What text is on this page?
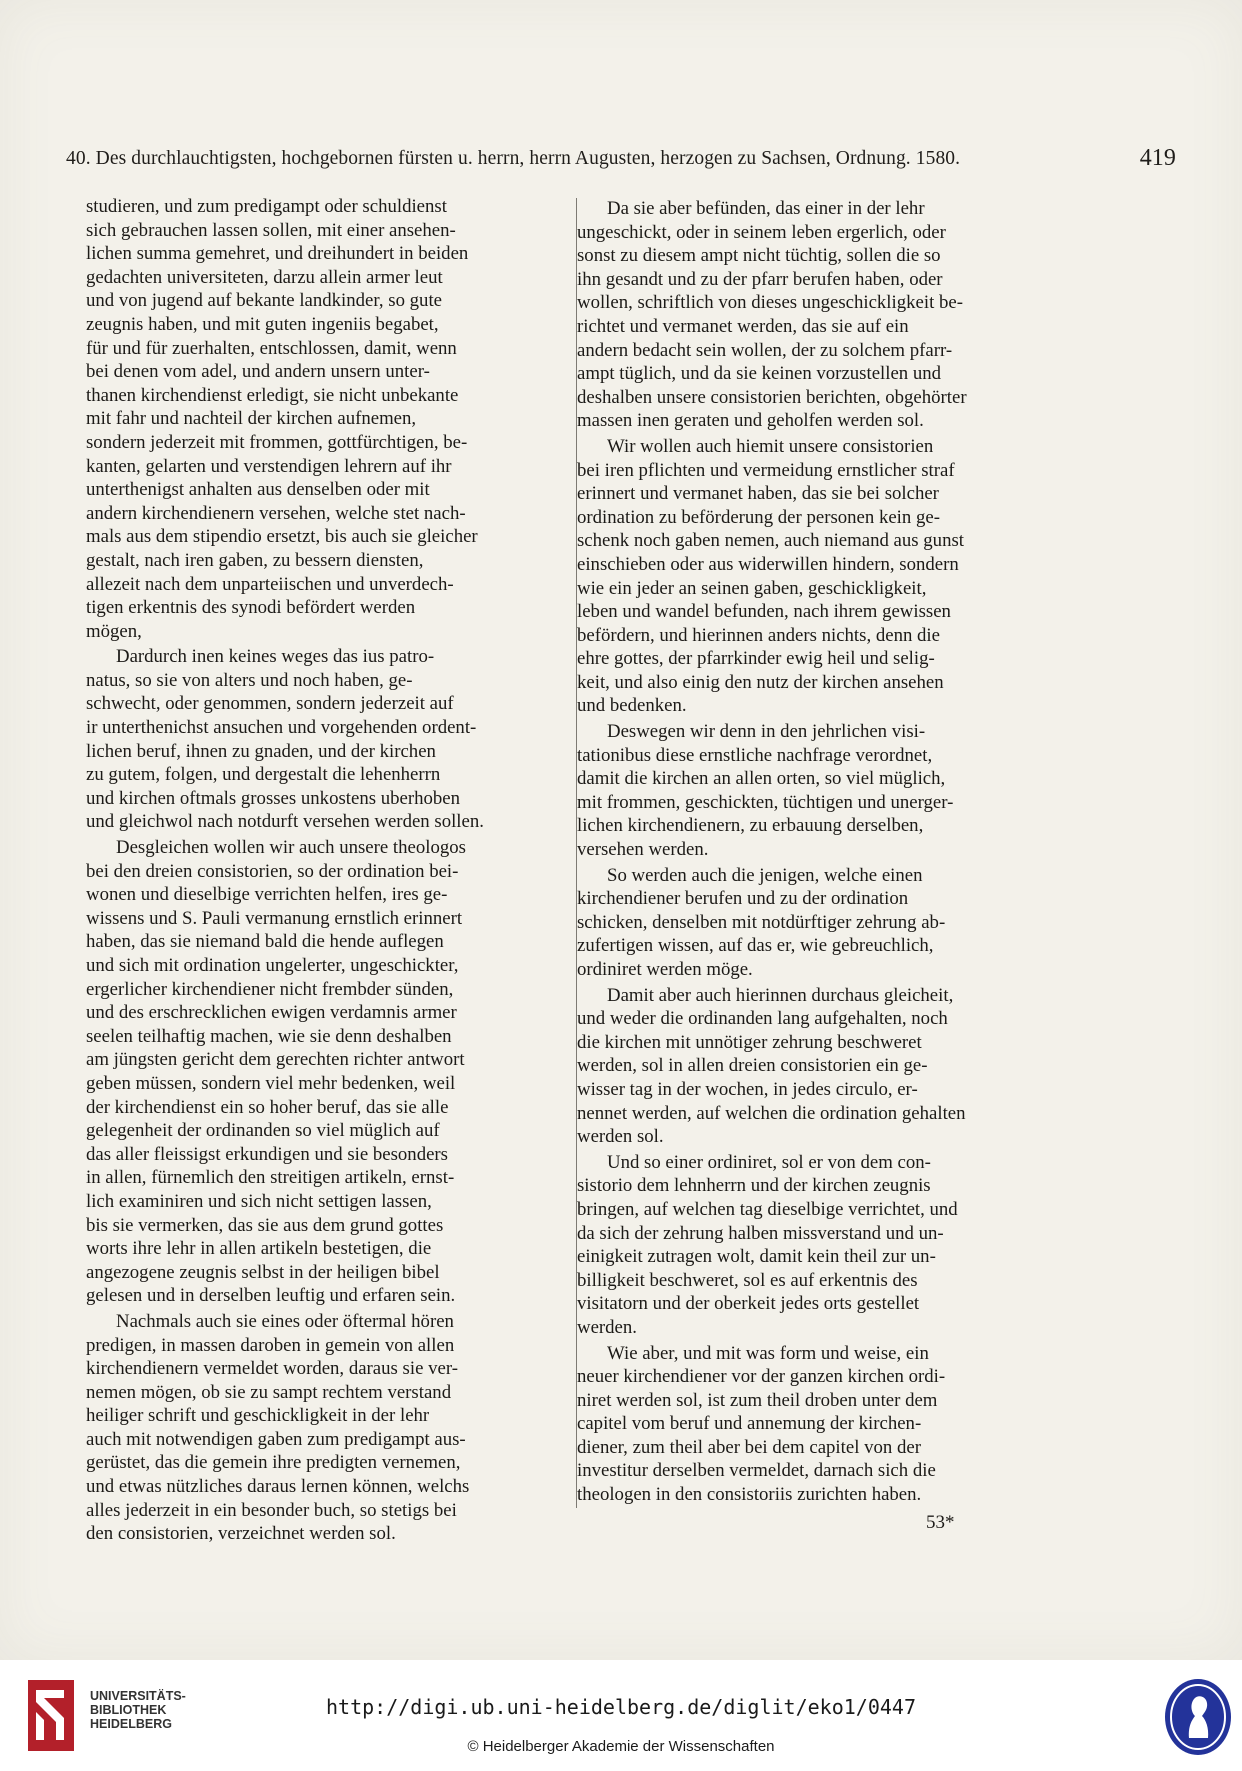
40. Des durchlauchtigsten, hochgebornen fürsten u. herrn, herrn Augusten, herzogen zu Sachsen, Ordnung. 1580.	419

studieren, und zum predigampt oder schuldienst
sich gebrauchen lassen sollen, mit einer ansehen-
lichen summa gemehret, und dreihundert in beiden
gedachten universiteten, darzu allein armer leut
und von jugend auf bekante landkinder, so gute
zeugnis haben, und mit guten ingeniis begabet,
für und für zuerhalten, entschlossen, damit, wenn
bei denen vom adel, und andern unsern unter-
thanen kirchendienst erledigt, sie nicht unbekante
mit fahr und nachteil der kirchen aufnemen,
sondern jederzeit mit frommen, gottfürchtigen, be-
kanten, gelarten und verstendigen lehrern auf ihr
unterthenigst anhalten aus denselben oder mit
andern kirchendienern versehen, welche stet nach-
mals aus dem stipendio ersetzt, bis auch sie gleicher
gestalt, nach iren gaben, zu bessern diensten,
allezeit nach dem unparteiischen und unverdech-
tigen erkentnis des synodi befördert werden
mögen,

Dardurch inen keines weges das ius patro-
natus, so sie von alters und noch haben, ge-
schwecht, oder genommen, sondern jederzeit auf
ir unterthenichst ansuchen und vorgehenden ordent-
lichen beruf, ihnen zu gnaden, und der kirchen
zu gutem, folgen, und dergestalt die lehenherrn
und kirchen oftmals grosses unkostens uberhoben
und gleichwol nach notdurft versehen werden sollen.

Desgleichen wollen wir auch unsere theologos
bei den dreien consistorien, so der ordination bei-
wonen und dieselbige verrichten helfen, ires ge-
wissens und S. Pauli vermanung ernstlich erinnert
haben, das sie niemand bald die hende auflegen
und sich mit ordination ungelerter, ungeschickter,
ergerlicher kirchendiener nicht frembder sünden,
und des erschrecklichen ewigen verdamnis armer
seelen teilhaftig machen, wie sie denn deshalben
am jüngsten gericht dem gerechten richter antwort
geben müssen, sondern viel mehr bedenken, weil
der kirchendienst ein so hoher beruf, das sie alle
gelegenheit der ordinanden so viel müglich auf
das aller fleissigst erkundigen und sie besonders
in allen, fürnemlich den streitigen artikeln, ernst-
lich examiniren und sich nicht settigen lassen,
bis sie vermerken, das sie aus dem grund gottes
worts ihre lehr in allen artikeln bestetigen, die
angezogene zeugnis selbst in der heiligen bibel
gelesen und in derselben leuftig und erfaren sein.

Nachmals auch sie eines oder öftermal hören
predigen, in massen daroben in gemein von allen
kirchendienern vermeldet worden, daraus sie ver-
nemen mögen, ob sie zu sampt rechtem verstand
heiliger schrift und geschickligkeit in der lehr
auch mit notwendigen gaben zum predigampt aus-
gerüstet, das die gemein ihre predigten vernemen,
und etwas nützliches daraus lernen können, welchs
alles jederzeit in ein besonder buch, so stetigs bei
den consistorien, verzeichnet werden sol.

Da sie aber befünden, das einer in der lehr
ungeschickt, oder in seinem leben ergerlich, oder
sonst zu diesem ampt nicht tüchtig, sollen die so
ihn gesandt und zu der pfarr berufen haben, oder
wollen, schriftlich von dieses ungeschickligkeit be-
richtet und vermanet werden, das sie auf ein
andern bedacht sein wollen, der zu solchem pfarr-
ampt tüglich, und da sie keinen vorzustellen und
deshalben unsere consistorien berichten, obgehörter
massen inen geraten und geholfen werden sol.

Wir wollen auch hiemit unsere consistorien
bei iren pflichten und vermeidung ernstlicher straf
erinnert und vermanet haben, das sie bei solcher
ordination zu beförderung der personen kein ge-
schenk noch gaben nemen, auch niemand aus gunst
einschieben oder aus widerwillen hindern, sondern
wie ein jeder an seinen gaben, geschickligkeit,
leben und wandel befunden, nach ihrem gewissen
befördern, und hierinnen anders nichts, denn die
ehre gottes, der pfarrkinder ewig heil und selig-
keit, und also einig den nutz der kirchen ansehen
und bedenken.

Deswegen wir denn in den jehrlichen visi-
tationibus diese ernstliche nachfrage verordnet,
damit die kirchen an allen orten, so viel müglich,
mit frommen, geschickten, tüchtigen und unerger-
lichen kirchendienern, zu erbauung derselben,
versehen werden.

So werden auch die jenigen, welche einen
kirchendiener berufen und zu der ordination
schicken, denselben mit notdürftiger zehrung ab-
zufertigen wissen, auf das er, wie gebreuchlich,
ordiniret werden möge.

Damit aber auch hierinnen durchaus gleicheit,
und weder die ordinanden lang aufgehalten, noch
die kirchen mit unnötiger zehrung beschweret
werden, sol in allen dreien consistorien ein ge-
wisser tag in der wochen, in jedes circulo, er-
nennet werden, auf welchen die ordination gehalten
werden sol.

Und so einer ordiniret, sol er von dem con-
sistorio dem lehnherrn und der kirchen zeugnis
bringen, auf welchen tag dieselbige verrichtet, und
da sich der zehrung halben missverstand und un-
einigkeit zutragen wolt, damit kein theil zur un-
billigkeit beschweret, sol es auf erkentnis des
visitatorn und der oberkeit jedes orts gestellet
werden.

Wie aber, und mit was form und weise, ein
neuer kirchendiener vor der ganzen kirchen ordi-
niret werden sol, ist zum theil droben unter dem
capitel vom beruf und annemung der kirchen-
diener, zum theil aber bei dem capitel von der
investitur derselben vermeldet, darnach sich die
theologen in den consistoriis zurichten haben.

53*
UNIVERSITÄTS-
BIBLIOTHEK
HEIDELBERG
http://digi.ub.uni-heidelberg.de/diglit/eko1/0447
© Heidelberger Akademie der Wissenschaften
